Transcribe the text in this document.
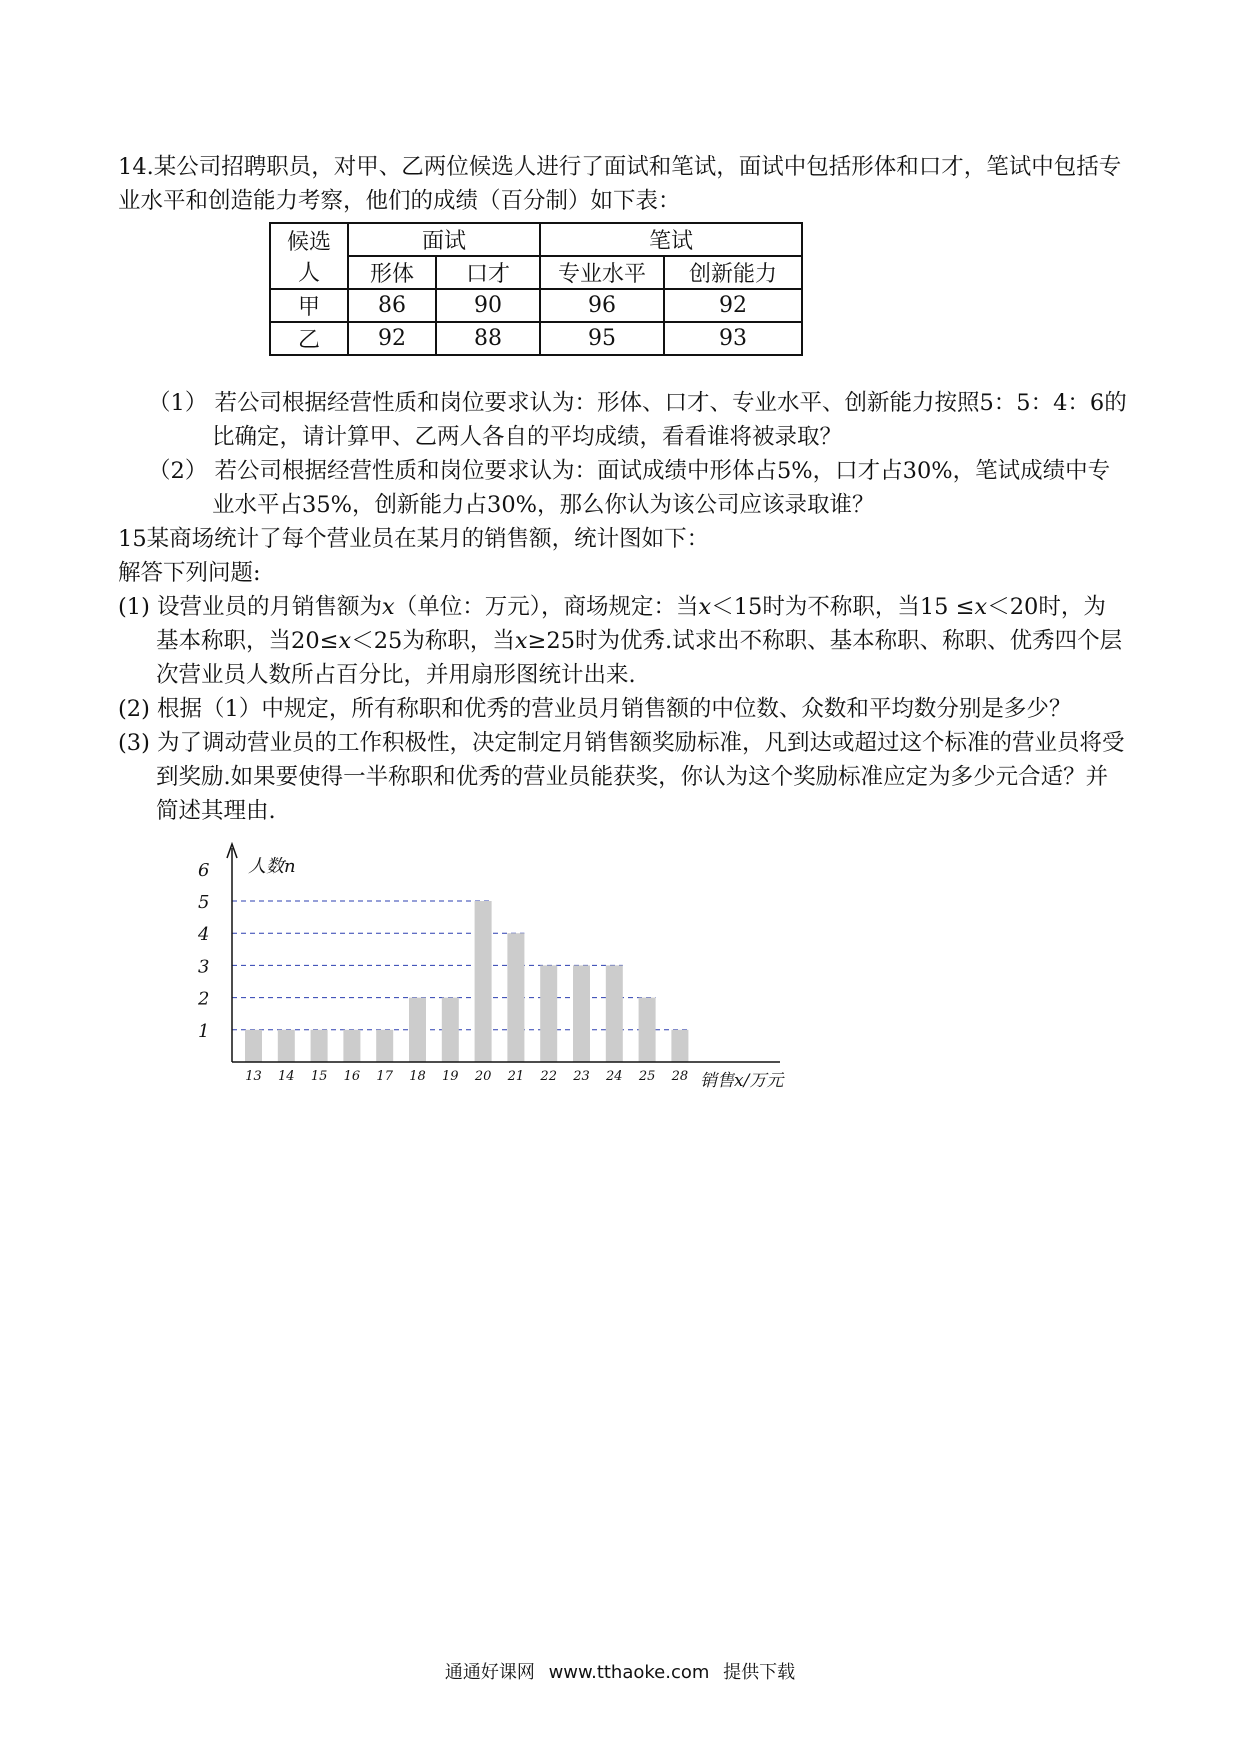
14.某公司招聘职员，对甲、乙两位候选人进行了面试和笔试，面试中包括形体和口才，笔试中包括专业水平和创造能力考察，他们的成绩（百分制）如下表：

候选人	面试		笔试	
	形体	口才	专业水平	创新能力
甲	86	90	96	92
乙	92	88	95	93

（1） 若公司根据经营性质和岗位要求认为：形体、口才、专业水平、创新能力按照5：5：4：6的比确定，请计算甲、乙两人各自的平均成绩，看看谁将被录取？

（2） 若公司根据经营性质和岗位要求认为：面试成绩中形体占5%，口才占30%，笔试成绩中专业水平占35%，创新能力占30%，那么你认为该公司应该录取谁？

15某商场统计了每个营业员在某月的销售额，统计图如下：

解答下列问题:

(1) 设营业员的月销售额为x（单位：万元），商场规定：当x＜15时为不称职，当15 ≤x＜20时，为基本称职，当20≤x＜25为称职，当x≥25时为优秀.试求出不称职、基本称职、称职、优秀四个层次营业员人数所占百分比，并用扇形图统计出来.

(2) 根据（1）中规定，所有称职和优秀的营业员月销售额的中位数、众数和平均数分别是多少？

(3) 为了调动营业员的工作积极性，决定制定月销售额奖励标准，凡到达或超过这个标准的营业员将受到奖励.如果要使得一半称职和优秀的营业员能获奖，你认为这个奖励标准应定为多少元合适？并简述其理由.

1
2
3
4
5
6
13 14 15 16 17 18 19 20 21 22 23 24 25 28
人数n
销售x/万元
通通好课网 www.tthaoke.com 提供下载
